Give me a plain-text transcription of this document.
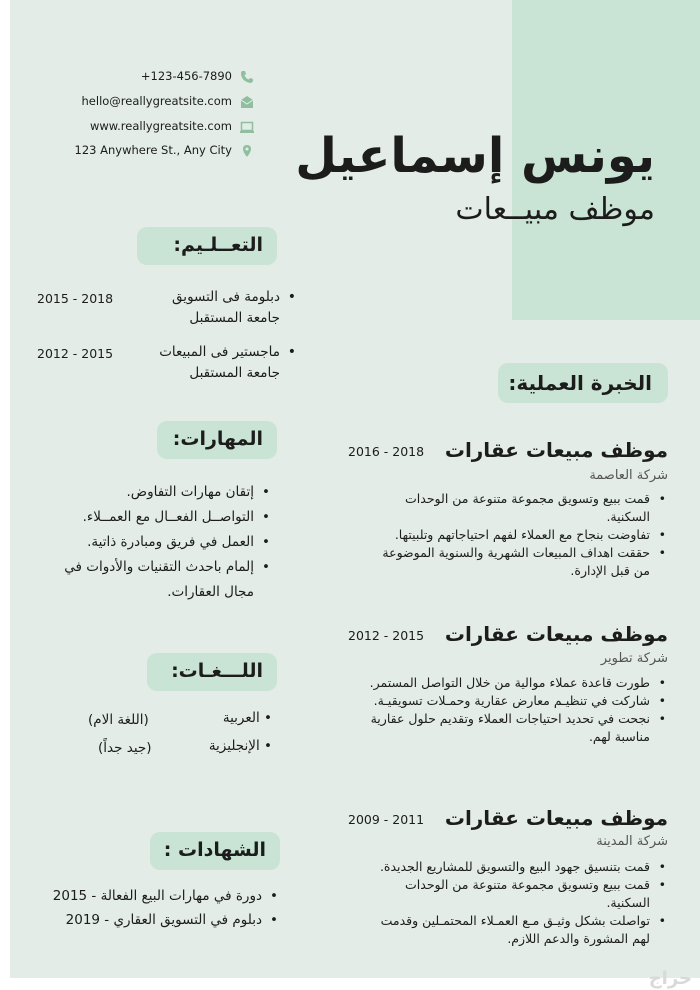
+123-456-7890
hello@reallygreatsite.com
www.reallygreatsite.com
123 Anywhere St., Any City يونس إسماعيل
موظف مبيــعات
التعــلـيم:
•
دبلومة فى التسويق
جامعة المستقبل
2015 - 2018
•
ماجستير فى المبيعات
جامعة المستقبل
2012 - 2015
المهارات:
• إتقان مهارات التفاوض.
• التواصــل الفعــال مع العمــلاء.
• العمل في فريق ومبادرة ذاتية.
• إلمام باحدث التقنيات والأدوات في مجال العقارات.
اللـــغـات:
• العربية
(اللغة الام)
• الإنجليزية
(جيد جداً)
الشهادات :
• دورة في مهارات البيع الفعالة - 2015
• دبلوم في التسويق العقاري - 2019
الخبرة العملية:
موظف مبيعات عقارات
2016 - 2018
شركة العاصمة
• قمت ببيع وتسويق مجموعة متنوعة من الوحدات السكنية.
• تفاوضت بنجاح مع العملاء لفهم احتياجاتهم وتلبيتها.
• حققت اهداف المبيعات الشهرية والسنوية الموضوعة من قبل الإدارة.
موظف مبيعات عقارات
2012 - 2015
شركة تطوير
• طورت قاعدة عملاء موالية من خلال التواصل المستمر.
• شاركت في تنظيـم معارض عقارية وحمـلات تسويقيـة.
• نجحت في تحديد احتياجات العملاء وتقديم حلول عقارية مناسبة لهم.
موظف مبيعات عقارات
2009 - 2011
شركة المدينة
• قمت بتنسيق جهود البيع والتسويق للمشاريع الجديدة.
• قمت ببيع وتسويق مجموعة متنوعة من الوحدات السكنية.
• تواصلت بشكل وثيـق مـع العمـلاء المحتمـلين وقدمت لهم المشورة والدعم اللازم.
حراج
